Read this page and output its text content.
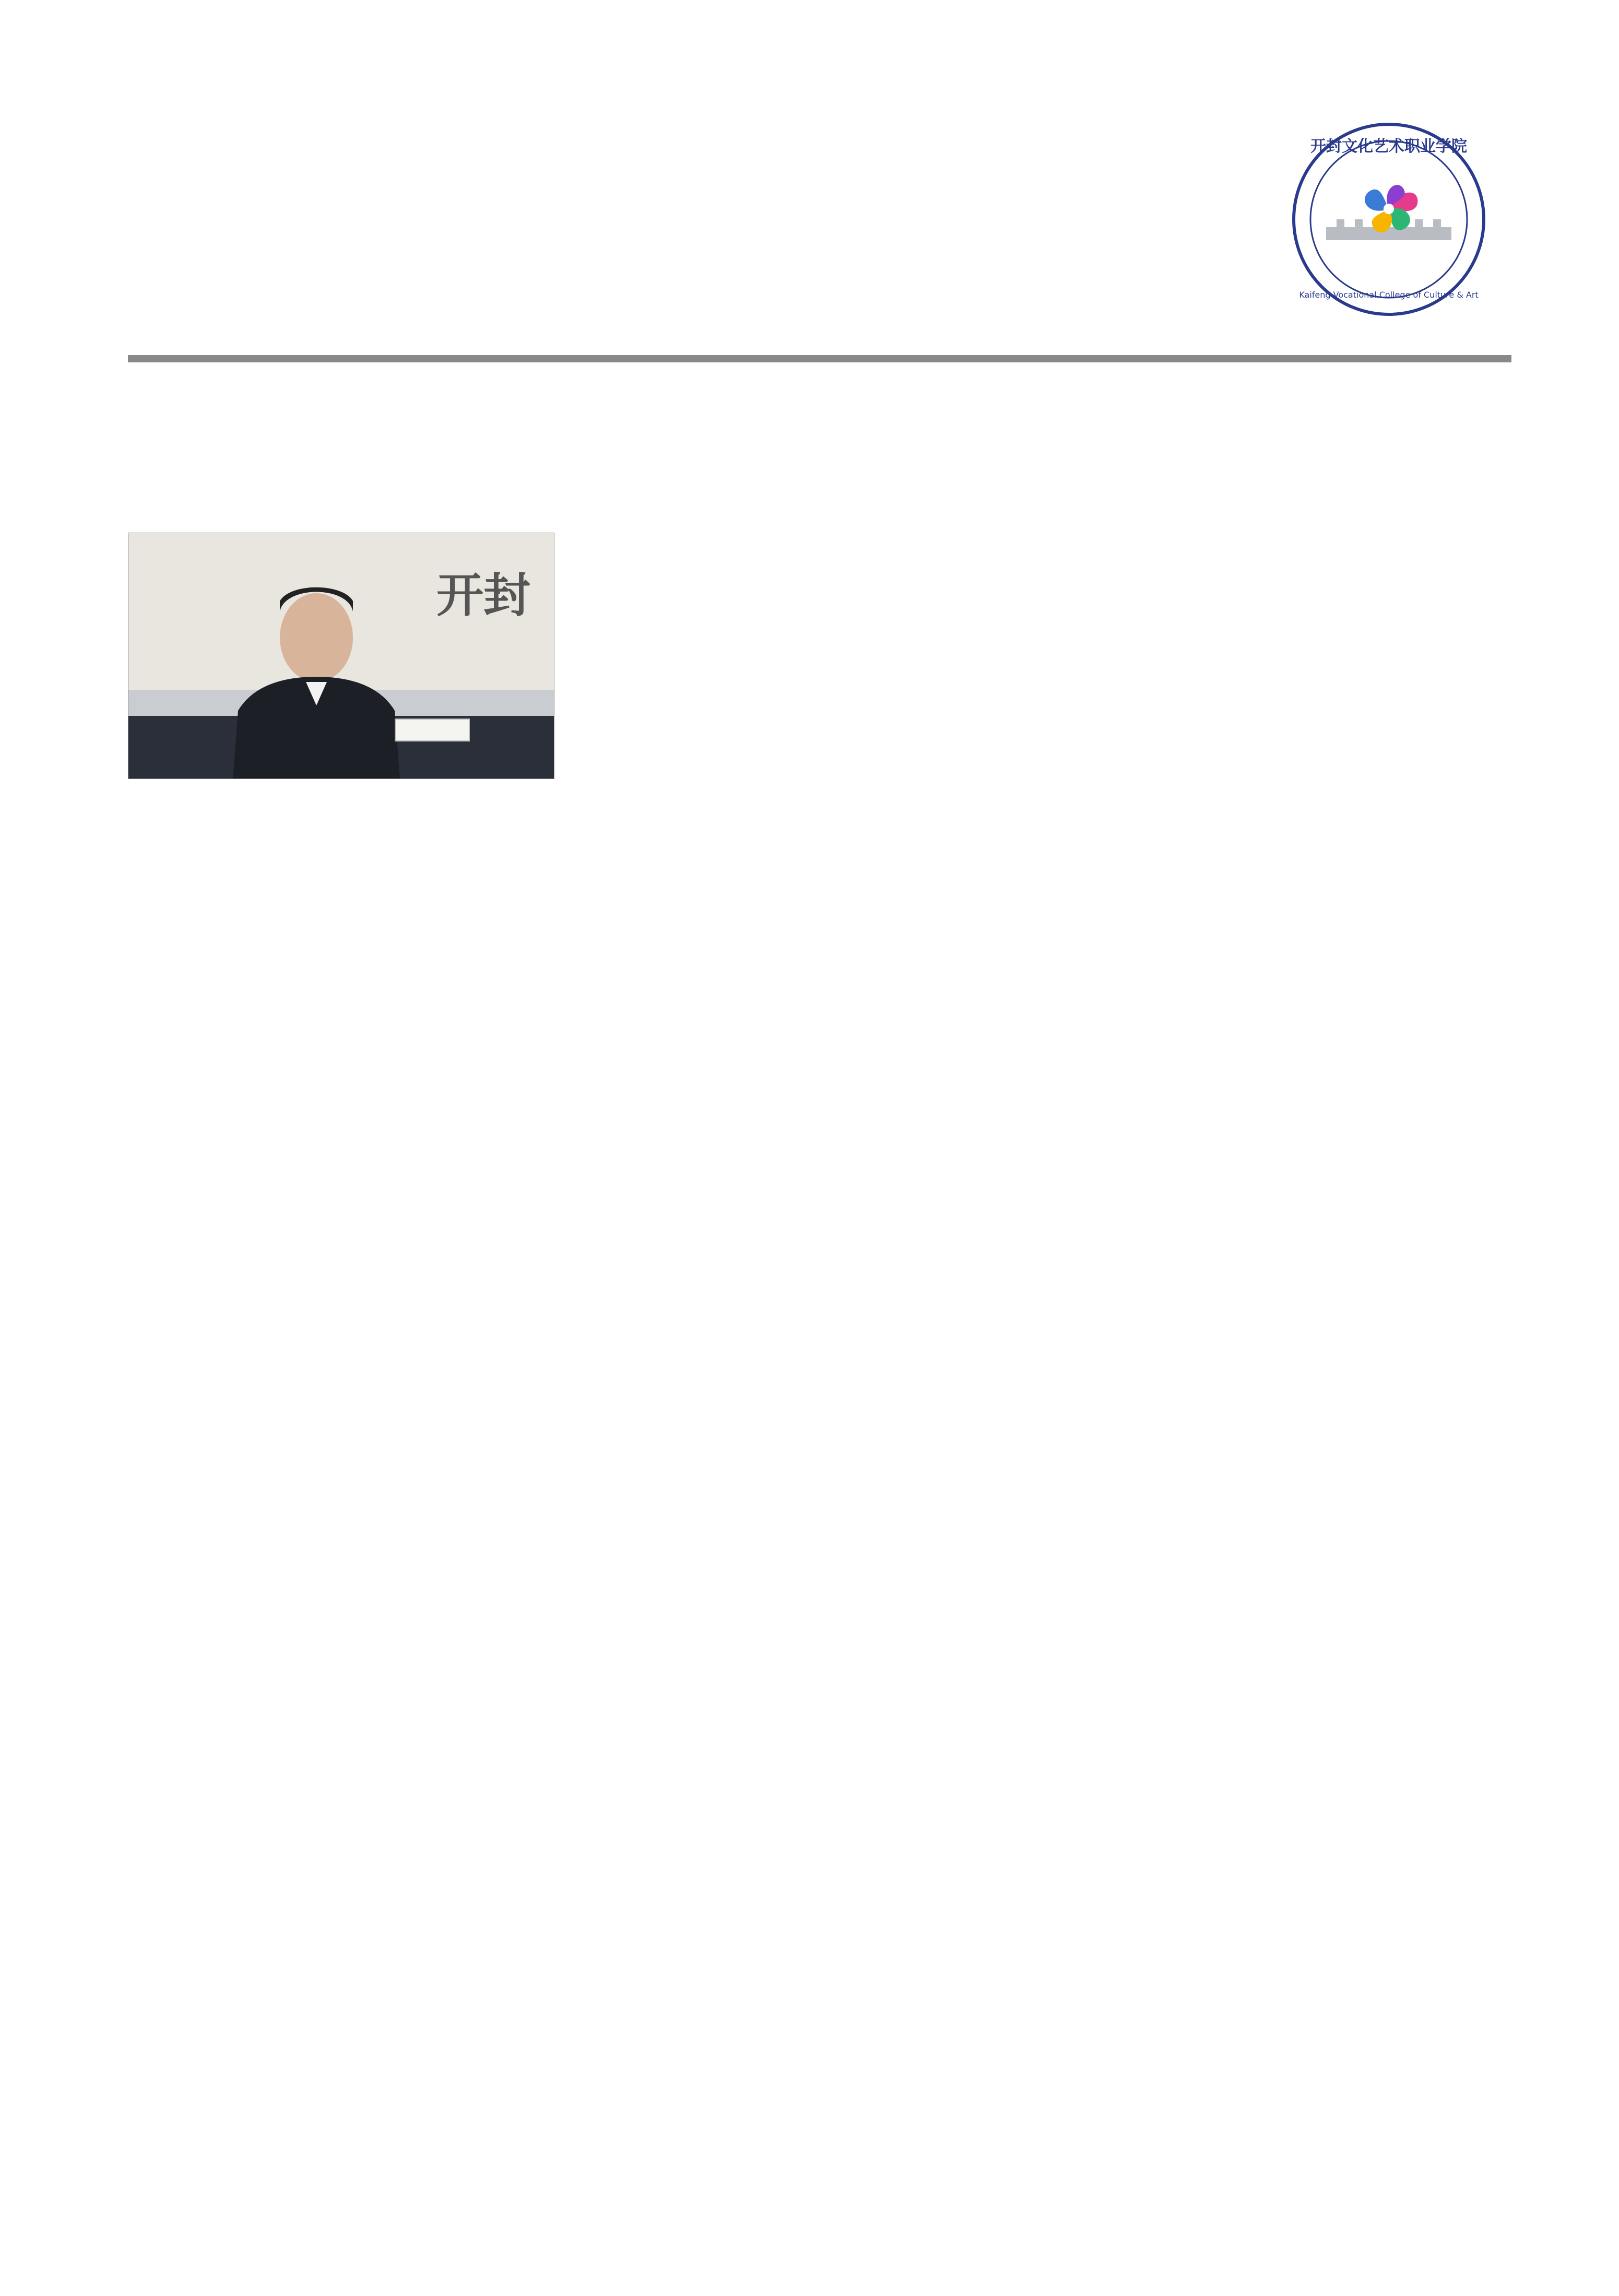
开封文化艺术职业学院
Kaifeng Vocational College of Culture & Art
开封
